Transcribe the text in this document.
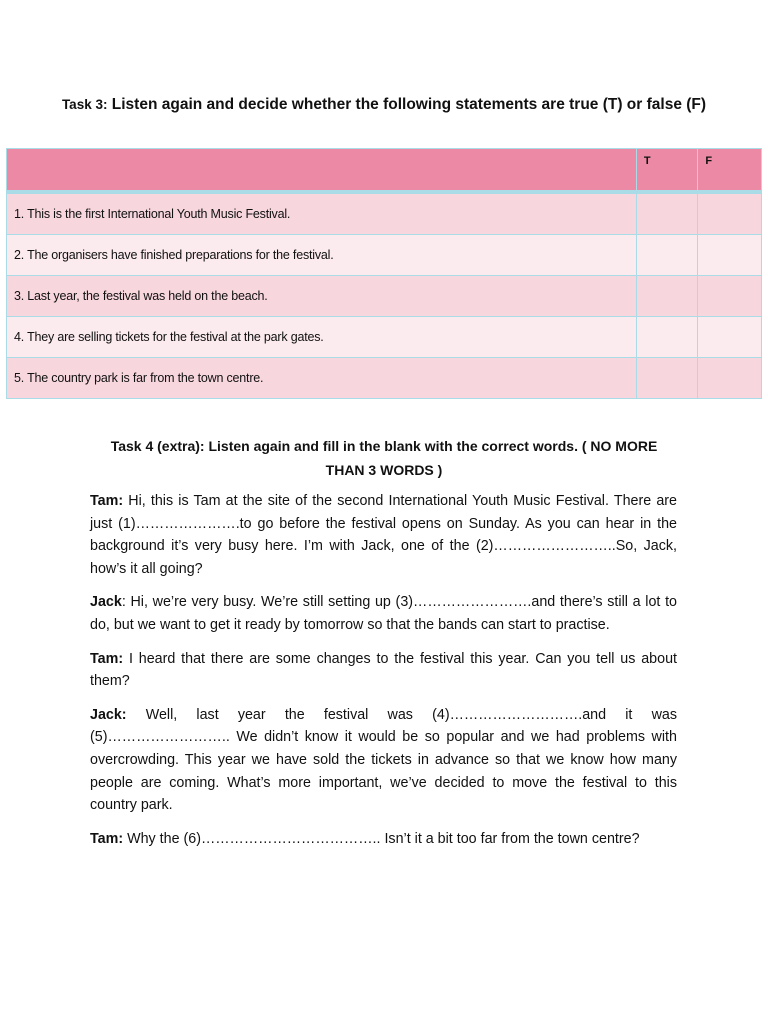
Task 3: Listen again and decide whether the following statements are true (T) or false (F)
	T	F
1. This is the first International Youth Music Festival.		
2. The organisers have finished preparations for the festival.		
3. Last year, the festival was held on the beach.		
4. They are selling tickets for the festival at the park gates.		
5. The country park is far from the town centre.		
Task 4 (extra): Listen again and fill in the blank with the correct words. ( NO MORE THAN 3 WORDS )

Tam: Hi, this is Tam at the site of the second International Youth Music Festival. There are just (1)………………….to go before the festival opens on Sunday. As you can hear in the background it’s very busy here. I’m with Jack, one of the (2)……………………..So, Jack, how’s it all going?

Jack: Hi, we’re very busy. We’re still setting up (3)…………………….and there’s still a lot to do, but we want to get it ready by tomorrow so that the bands can start to practise.

Tam: I heard that there are some changes to the festival this year. Can you tell us about them?

Jack: Well, last year the festival was (4)……………………….and it was (5)…………………….. We didn’t know it would be so popular and we had problems with overcrowding. This year we have sold the tickets in advance so that we know how many people are coming. What’s more important, we’ve decided to move the festival to this country park.

Tam: Why the (6)……………………………….. Isn’t it a bit too far from the town centre?
